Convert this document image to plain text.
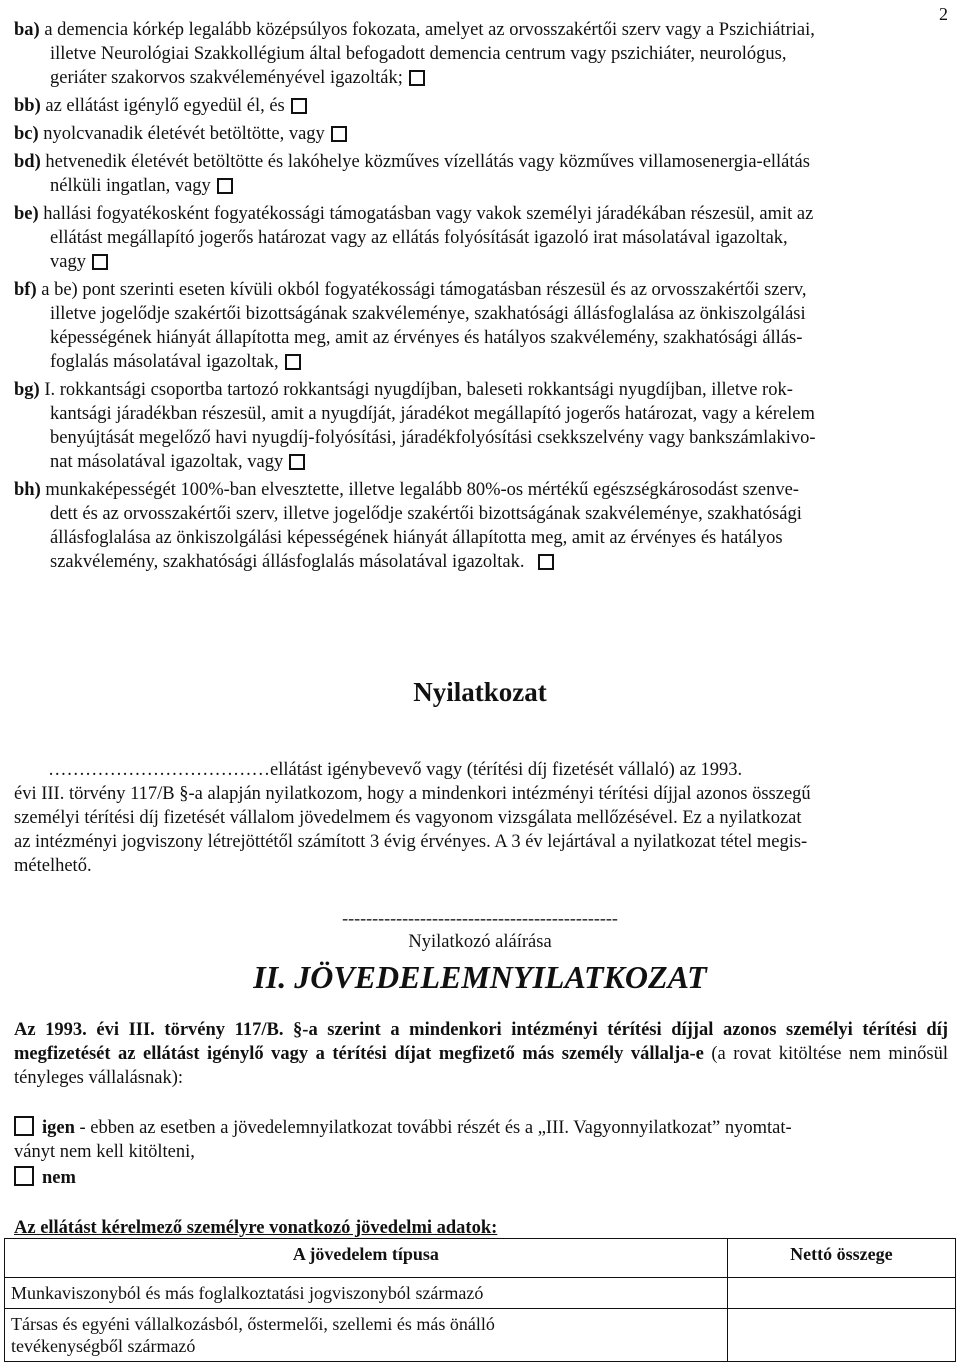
2
ba) a demencia kórkép legalább középsúlyos fokozata, amelyet az orvosszakértői szerv vagy a Pszichiátriai,
illetve Neurológiai Szakkollégium által befogadott demencia centrum vagy pszichiáter, neurológus,
geriáter szakorvos szakvéleményével igazolták;
bb) az ellátást igénylő egyedül él, és
bc) nyolcvanadik életévét betöltötte, vagy
bd) hetvenedik életévét betöltötte és lakóhelye közműves vízellátás vagy közműves villamosenergia-ellátás
nélküli ingatlan, vagy
be) hallási fogyatékosként fogyatékossági támogatásban vagy vakok személyi járadékában részesül, amit az
ellátást megállapító jogerős határozat vagy az ellátás folyósítását igazoló irat másolatával igazoltak,
vagy
bf) a be) pont szerinti eseten kívüli okból fogyatékossági támogatásban részesül és az orvosszakértői szerv,
illetve jogelődje szakértői bizottságának szakvéleménye, szakhatósági állásfoglalása az önkiszolgálási
képességének hiányát állapította meg, amit az érvényes és hatályos szakvélemény, szakhatósági állás-
foglalás másolatával igazoltak,
bg) I. rokkantsági csoportba tartozó rokkantsági nyugdíjban, baleseti rokkantsági nyugdíjban, illetve rok-
kantsági járadékban részesül, amit a nyugdíját, járadékot megállapító jogerős határozat, vagy a kérelem
benyújtását megelőző havi nyugdíj-folyósítási, járadékfolyósítási csekkszelvény vagy bankszámlakivo-
nat másolatával igazoltak, vagy
bh) munkaképességét 100%-ban elvesztette, illetve legalább 80%-os mértékű egészségkárosodást szenve-
dett és az orvosszakértői szerv, illetve jogelődje szakértői bizottságának szakvéleménye, szakhatósági
állásfoglalása az önkiszolgálási képességének hiányát állapította meg, amit az érvényes és hatályos
szakvélemény, szakhatósági állásfoglalás másolatával igazoltak.
Nyilatkozat
………………………………ellátást igénybevevő vagy (térítési díj fizetését vállaló) az 1993.
évi III. törvény 117/B §-a alapján nyilatkozom, hogy a mindenkori intézményi térítési díjjal azonos összegű
személyi térítési díj fizetését vállalom jövedelmem és vagyonom vizsgálata mellőzésével. Ez a nyilatkozat
az intézményi jogviszony létrejöttétől számított 3 évig érvényes. A 3 év lejártával a nyilatkozat tétel megis-
mételhető.
----------------------------------------------
Nyilatkozó aláírása
II. JÖVEDELEMNYILATKOZAT
Az 1993. évi III. törvény 117/B. §-a szerint a mindenkori intézményi térítési díjjal azonos személyi térítési díj megfizetését az ellátást igénylő vagy a térítési díjat megfizető más személy vállalja-e (a rovat kitöltése nem minősül tényleges vállalásnak):
igen - ebben az esetben a jövedelemnyilatkozat további részét és a „III. Vagyonnyilatkozat” nyomtat-
ványt nem kell kitölteni,
nem
Az ellátást kérelmező személyre vonatkozó jövedelmi adatok:
A jövedelem típusa	Nettó összege
Munkaviszonyból és más foglalkoztatási jogviszonyból származó	
Társas és egyéni vállalkozásból, őstermelői, szellemi és más önálló tevékenységből származó	
